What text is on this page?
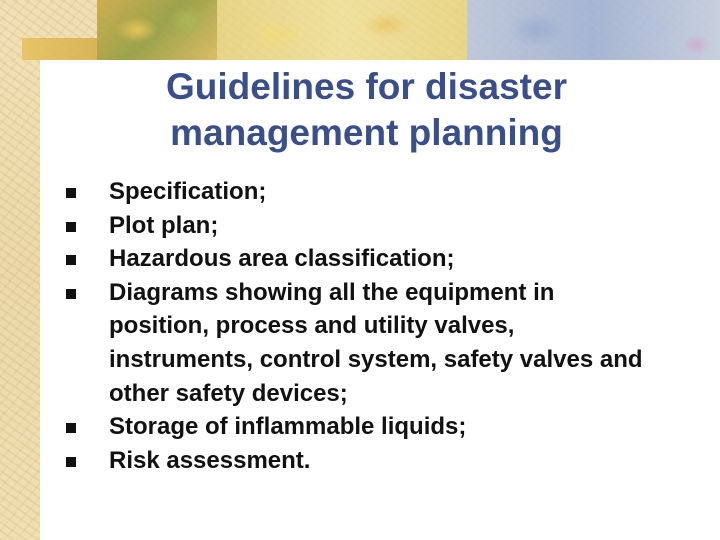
Guidelines for disaster
management planning
Specification;
Plot plan;
Hazardous area classification;
Diagrams showing all the equipment in
position, process and utility valves,
instruments, control system, safety valves and
other safety devices;
Storage of inflammable liquids;
Risk assessment.
